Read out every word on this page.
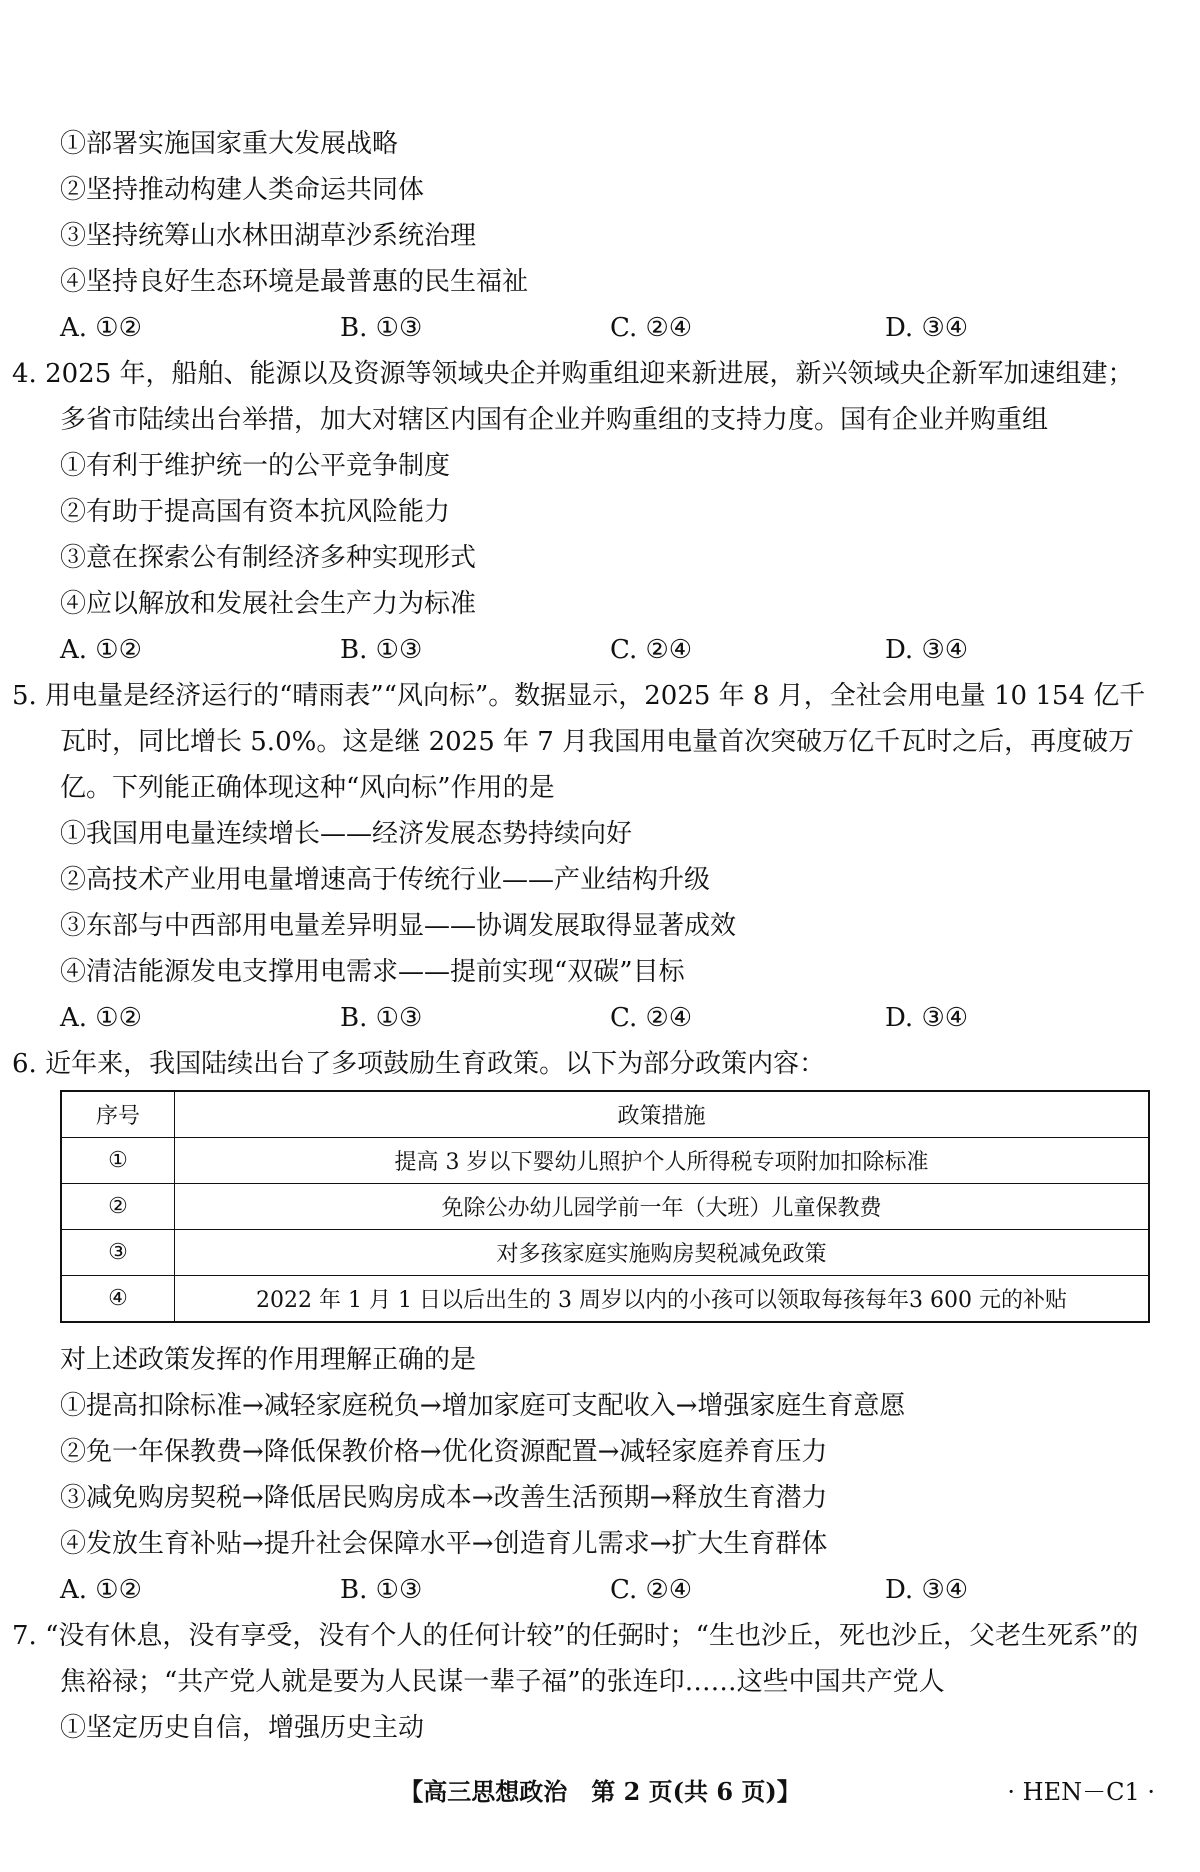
①部署实施国家重大发展战略
②坚持推动构建人类命运共同体
③坚持统筹山水林田湖草沙系统治理
④坚持良好生态环境是最普惠的民生福祉
A. ①②	B. ①③	C. ②④	D. ③④
4. 2025 年，船舶、能源以及资源等领域央企并购重组迎来新进展，新兴领域央企新军加速组建；
多省市陆续出台举措，加大对辖区内国有企业并购重组的支持力度。国有企业并购重组
①有利于维护统一的公平竞争制度
②有助于提高国有资本抗风险能力
③意在探索公有制经济多种实现形式
④应以解放和发展社会生产力为标准
A. ①②	B. ①③	C. ②④	D. ③④
5. 用电量是经济运行的“晴雨表”“风向标”。数据显示，2025 年 8 月，全社会用电量 10 154 亿千
瓦时，同比增长 5.0%。这是继 2025 年 7 月我国用电量首次突破万亿千瓦时之后，再度破万
亿。下列能正确体现这种“风向标”作用的是
①我国用电量连续增长——经济发展态势持续向好
②高技术产业用电量增速高于传统行业——产业结构升级
③东部与中西部用电量差异明显——协调发展取得显著成效
④清洁能源发电支撑用电需求——提前实现“双碳”目标
A. ①②	B. ①③	C. ②④	D. ③④
6. 近年来，我国陆续出台了多项鼓励生育政策。以下为部分政策内容：
序号	政策措施
①	提高 3 岁以下婴幼儿照护个人所得税专项附加扣除标准
②	免除公办幼儿园学前一年（大班）儿童保教费
③	对多孩家庭实施购房契税减免政策
④	2022 年 1 月 1 日以后出生的 3 周岁以内的小孩可以领取每孩每年3 600 元的补贴
对上述政策发挥的作用理解正确的是
①提高扣除标准→减轻家庭税负→增加家庭可支配收入→增强家庭生育意愿
②免一年保教费→降低保教价格→优化资源配置→减轻家庭养育压力
③减免购房契税→降低居民购房成本→改善生活预期→释放生育潜力
④发放生育补贴→提升社会保障水平→创造育儿需求→扩大生育群体
A. ①②	B. ①③	C. ②④	D. ③④
7. “没有休息，没有享受，没有个人的任何计较”的任弼时；“生也沙丘，死也沙丘，父老生死系”的
焦裕禄；“共产党人就是要为人民谋一辈子福”的张连印……这些中国共产党人
①坚定历史自信，增强历史主动
【高三思想政治　第 2 页(共 6 页)】	· HEN－C1 ·
